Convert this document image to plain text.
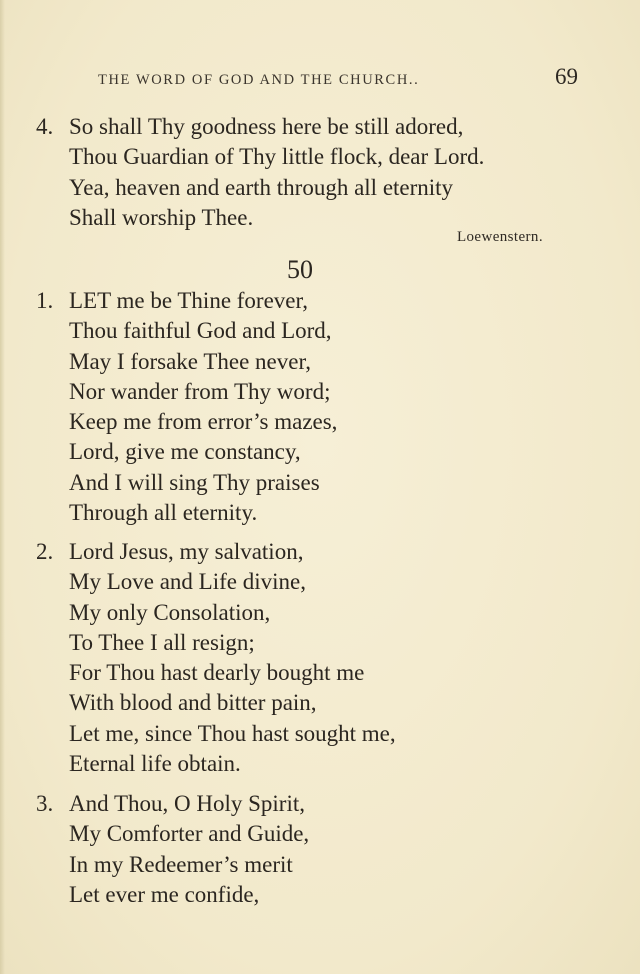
THE WORD OF GOD AND THE CHURCH..	69
4. So shall Thy goodness here be still adored,
Thou Guardian of Thy little flock, dear Lord.
Yea, heaven and earth through all eternity
Shall worship Thee.
Loewenstern.
50
1. LET me be Thine forever,
Thou faithful God and Lord,
May I forsake Thee never,
Nor wander from Thy word;
Keep me from error’s mazes,
Lord, give me constancy,
And I will sing Thy praises
Through all eternity.
2. Lord Jesus, my salvation,
My Love and Life divine,
My only Consolation,
To Thee I all resign;
For Thou hast dearly bought me
With blood and bitter pain,
Let me, since Thou hast sought me,
Eternal life obtain.
3. And Thou, O Holy Spirit,
My Comforter and Guide,
In my Redeemer’s merit
Let ever me confide,
